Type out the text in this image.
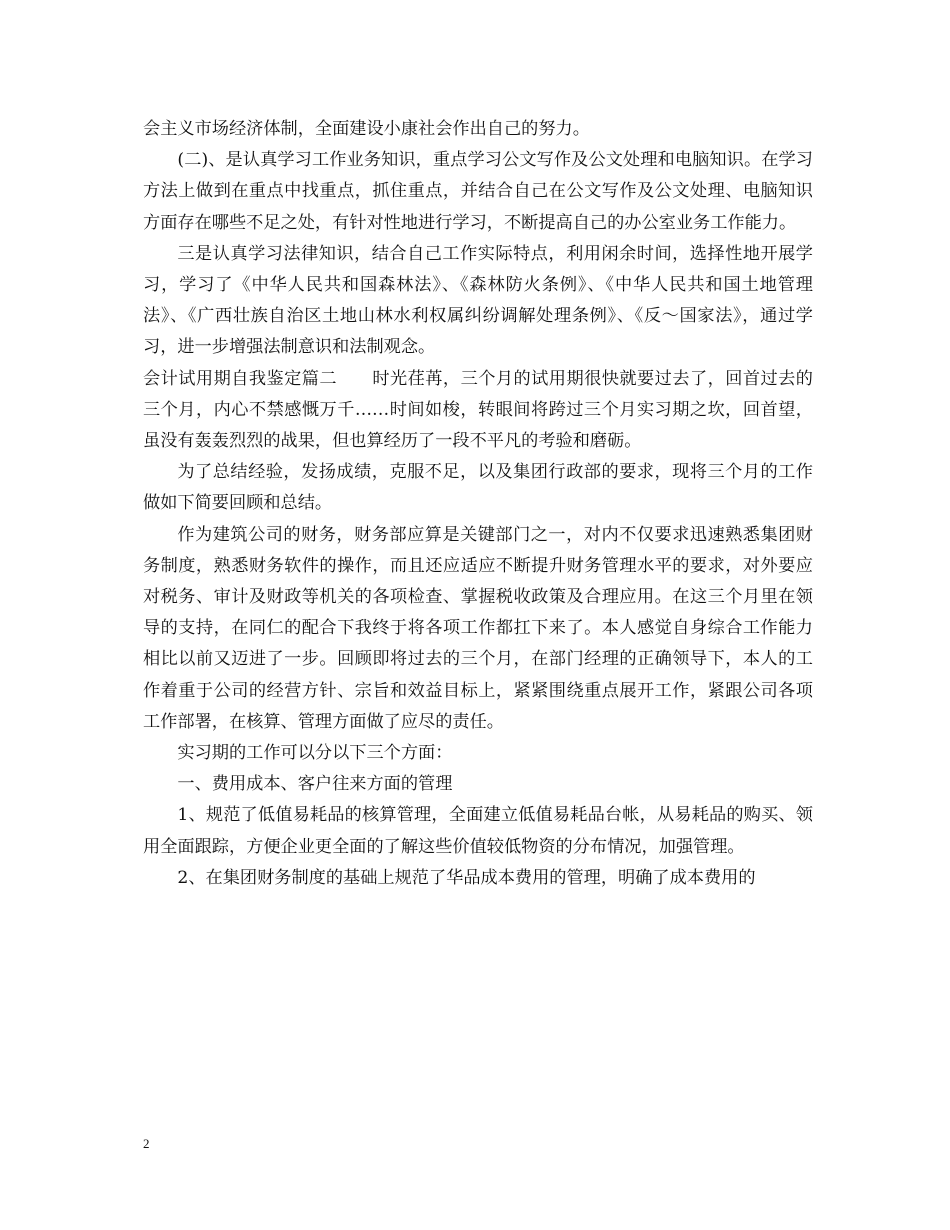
会主义市场经济体制，全面建设小康社会作出自己的努力。

(二)、是认真学习工作业务知识，重点学习公文写作及公文处理和电脑知识。在学习方法上做到在重点中找重点，抓住重点，并结合自己在公文写作及公文处理、电脑知识方面存在哪些不足之处，有针对性地进行学习，不断提高自己的办公室业务工作能力。

三是认真学习法律知识，结合自己工作实际特点，利用闲余时间，选择性地开展学习，学习了《中华人民共和国森林法》、《森林防火条例》、《中华人民共和国土地管理法》、《广西壮族自治区土地山林水利权属纠纷调解处理条例》、《反～国家法》，通过学习，进一步增强法制意识和法制观念。

会计试用期自我鉴定篇二　　时光荏苒，三个月的试用期很快就要过去了，回首过去的三个月，内心不禁感慨万千……时间如梭，转眼间将跨过三个月实习期之坎，回首望，虽没有轰轰烈烈的战果，但也算经历了一段不平凡的考验和磨砺。

为了总结经验，发扬成绩，克服不足，以及集团行政部的要求，现将三个月的工作做如下简要回顾和总结。

作为建筑公司的财务，财务部应算是关键部门之一，对内不仅要求迅速熟悉集团财务制度，熟悉财务软件的操作，而且还应适应不断提升财务管理水平的要求，对外要应对税务、审计及财政等机关的各项检查、掌握税收政策及合理应用。在这三个月里在领导的支持，在同仁的配合下我终于将各项工作都扛下来了。本人感觉自身综合工作能力相比以前又迈进了一步。回顾即将过去的三个月，在部门经理的正确领导下，本人的工作着重于公司的经营方针、宗旨和效益目标上，紧紧围绕重点展开工作，紧跟公司各项工作部署，在核算、管理方面做了应尽的责任。

实习期的工作可以分以下三个方面：

一、费用成本、客户往来方面的管理

1、规范了低值易耗品的核算管理，全面建立低值易耗品台帐，从易耗品的购买、领用全面跟踪，方便企业更全面的了解这些价值较低物资的分布情况，加强管理。

2、在集团财务制度的基础上规范了华品成本费用的管理，明确了成本费用的

2
